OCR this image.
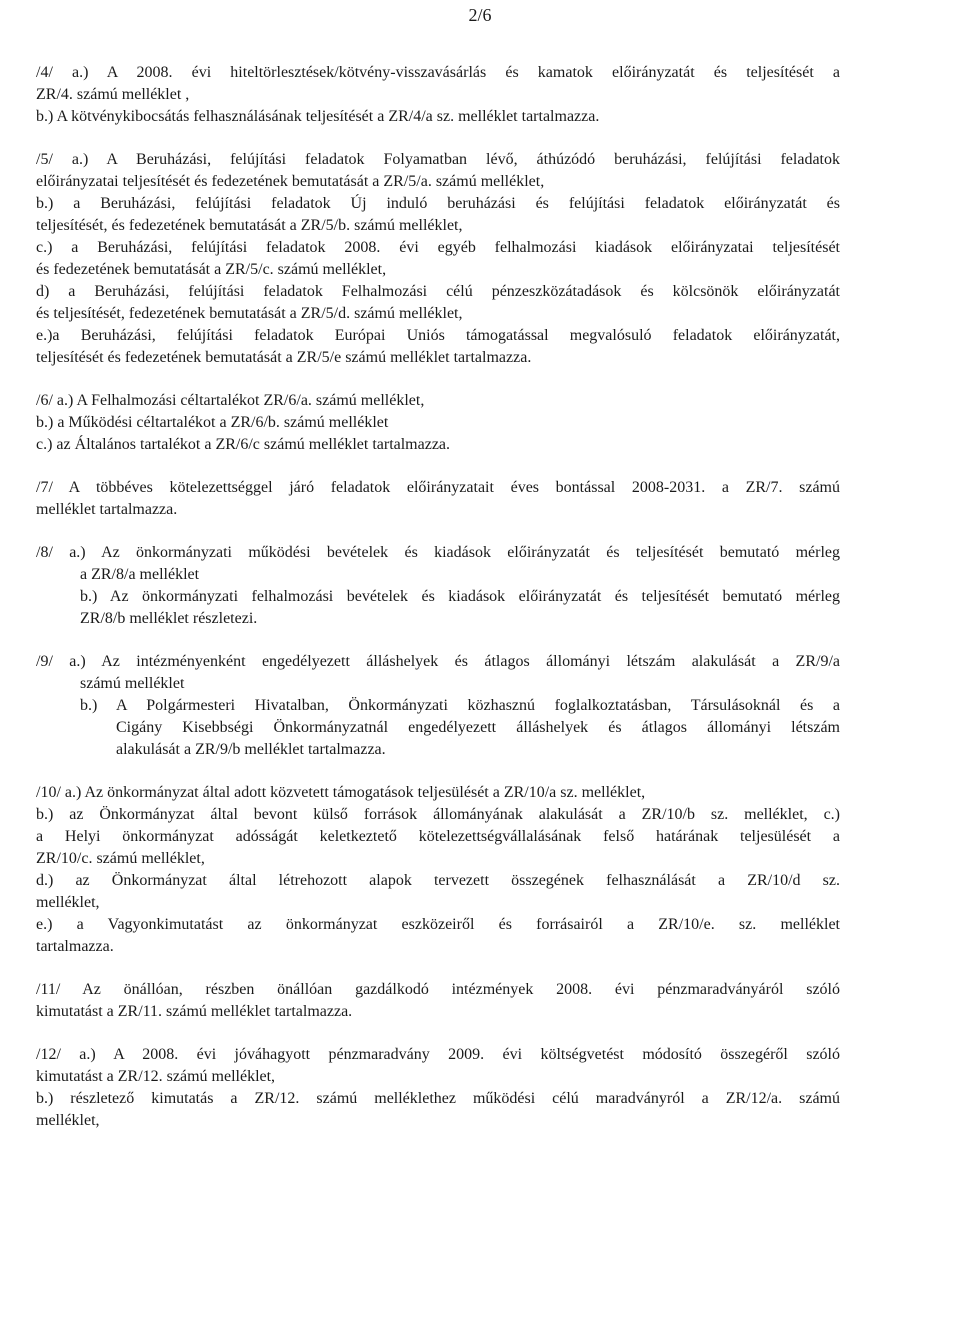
2/6
/4/ a.) A 2008. évi hiteltörlesztések/kötvény-visszavásárlás és kamatok előirányzatát és teljesítését a
ZR/4. számú melléklet ,
b.) A kötvénykibocsátás felhasználásának teljesítését a ZR/4/a sz. melléklet tartalmazza.
/5/ a.) A Beruházási, felújítási feladatok Folyamatban lévő, áthúzódó beruházási, felújítási feladatok
előirányzatai teljesítését és fedezetének bemutatását a ZR/5/a. számú melléklet,
b.) a Beruházási, felújítási feladatok Új induló beruházási és felújítási feladatok előirányzatát és
teljesítését, és fedezetének bemutatását a ZR/5/b. számú melléklet,
c.) a Beruházási, felújítási feladatok 2008. évi egyéb felhalmozási kiadások előirányzatai teljesítését
és fedezetének bemutatását a ZR/5/c. számú melléklet,
d) a Beruházási, felújítási feladatok Felhalmozási célú pénzeszközátadások és kölcsönök előirányzatát
és teljesítését, fedezetének bemutatását a ZR/5/d. számú melléklet,
e.)a Beruházási, felújítási feladatok Európai Uniós támogatással megvalósuló feladatok előirányzatát,
teljesítését és fedezetének bemutatását a ZR/5/e számú melléklet tartalmazza.
/6/ a.) A Felhalmozási céltartalékot ZR/6/a. számú melléklet,
b.) a Működési céltartalékot a ZR/6/b. számú melléklet
c.) az Általános tartalékot a ZR/6/c számú melléklet tartalmazza.
/7/ A többéves kötelezettséggel járó feladatok előirányzatait éves bontással 2008-2031. a ZR/7. számú
melléklet tartalmazza.
/8/ a.) Az önkormányzati működési bevételek és kiadások előirányzatát és teljesítését bemutató mérleg
a ZR/8/a melléklet
b.) Az önkormányzati felhalmozási bevételek és kiadások előirányzatát és teljesítését bemutató mérleg
ZR/8/b melléklet részletezi.
/9/ a.) Az intézményenként engedélyezett álláshelyek és átlagos állományi létszám alakulását a ZR/9/a
számú melléklet
b.) A Polgármesteri Hivatalban, Önkormányzati közhasznú foglalkoztatásban, Társulásoknál és a
Cigány Kisebbségi Önkormányzatnál engedélyezett álláshelyek és átlagos állományi létszám
alakulását a ZR/9/b melléklet tartalmazza.
/10/ a.) Az önkormányzat által adott közvetett támogatások teljesülését a ZR/10/a sz. melléklet,
b.) az Önkormányzat által bevont külső források állományának alakulását a ZR/10/b sz. melléklet, c.)
a Helyi önkormányzat adósságát keletkeztető kötelezettségvállalásának felső határának teljesülését a
ZR/10/c. számú melléklet,
d.) az Önkormányzat által létrehozott alapok tervezett összegének felhasználását a ZR/10/d sz.
melléklet,
e.) a Vagyonkimutatást az önkormányzat eszközeiről és forrásairól a ZR/10/e. sz. melléklet
tartalmazza.
/11/ Az önállóan, részben önállóan gazdálkodó intézmények 2008. évi pénzmaradványáról szóló
kimutatást a ZR/11. számú melléklet tartalmazza.
/12/ a.) A 2008. évi jóváhagyott pénzmaradvány 2009. évi költségvetést módosító összegéről szóló
kimutatást a ZR/12. számú melléklet,
b.) részletező kimutatás a ZR/12. számú melléklethez működési célú maradványról a ZR/12/a. számú
melléklet,
